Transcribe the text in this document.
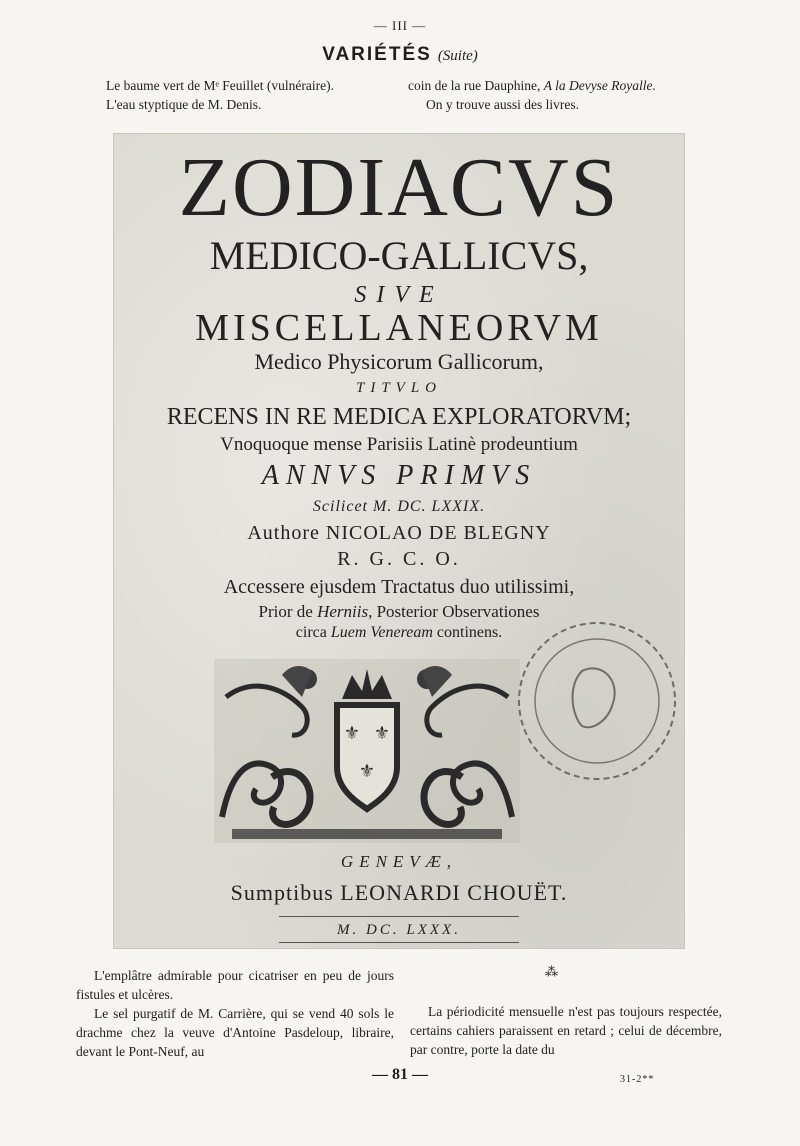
— III —
VARIÉTÉS (Suite)

Le baume vert de Mᵉ Feuillet (vulnéraire).

L'eau styptique de M. Denis.

coin de la rue Dauphine, A la Devyse Royalle.

On y trouve aussi des livres.

ZODIACVS
MEDICO-GALLICVS,
SIVE
MISCELLANEORVM
Medico Physicorum Gallicorum,
TITVLO
RECENS IN RE MEDICA EXPLORATORVM;
Vnoquoque mense Parisiis Latinè prodeuntium
ANNVS PRIMVS
Scilicet M. DC. LXXIX.
Authore NICOLAO DE BLEGNY
R. G. C. O.
Accessere ejusdem Tractatus duo utilissimi,
Prior de Herniis, Posterior Observationes
circa Luem Veneream continens.
⚜ ⚜
⚜
GENEVÆ,
Sumptibus LEONARDI CHOUËT.
M. DC. LXXX.

L'emplâtre admirable pour cicatriser en peu de jours fistules et ulcères.

Le sel purgatif de M. Carrière, qui se vend 40 sols le drachme chez la veuve d'Antoine Pasdeloup, libraire, devant le Pont-Neuf, au

⁂

La périodicité mensuelle n'est pas toujours respectée, certains cahiers paraissent en retard ; celui de décembre, par contre, porte la date du

— 81 —	31-2**
